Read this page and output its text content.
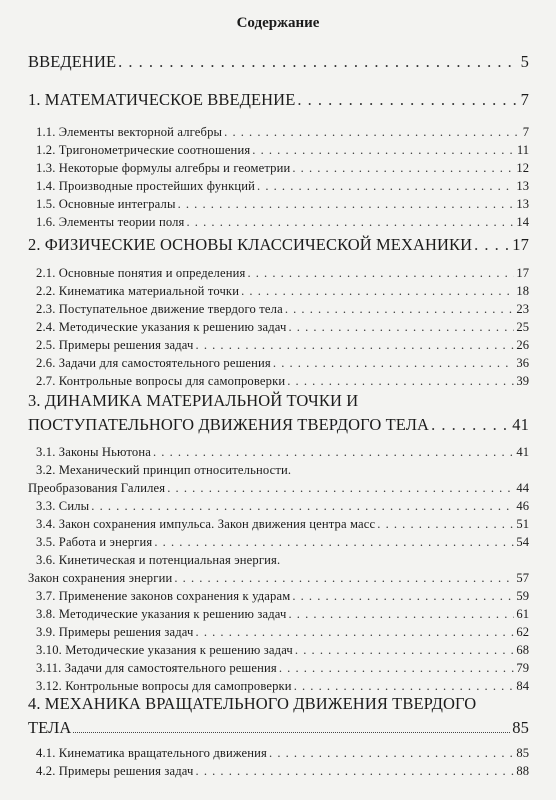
Содержание
ВВЕДЕНИЕ . . .	5
1. МАТЕМАТИЧЕСКОЕ ВВЕДЕНИЕ . . .	7
1.1. Элементы векторной алгебры . . .	7
1.2. Тригонометрические соотношения . . .	11
1.3. Некоторые формулы алгебры и геометрии . . .	12
1.4. Производные простейших функций . . .	13
1.5. Основные интегралы . . .	13
1.6. Элементы теории поля . . .	14
2. ФИЗИЧЕСКИЕ ОСНОВЫ КЛАССИЧЕСКОЙ МЕХАНИКИ . . . 17
2.1. Основные понятия и определения . . .	17
2.2. Кинематика материальной точки . . .	18
2.3. Поступательное движение твердого тела . . .	23
2.4. Методические указания к решению задач . . .	25
2.5. Примеры решения задач . . .	26
2.6. Задачи для самостоятельного решения . . .	36
2.7. Контрольные вопросы для самопроверки . . .	39
3. ДИНАМИКА МАТЕРИАЛЬНОЙ ТОЧКИ И
ПОСТУПАТЕЛЬНОГО ДВИЖЕНИЯ ТВЕРДОГО ТЕЛА . . .	41
3.1. Законы Ньютона . . .	41
3.2. Механический принцип относительности.
Преобразования Галилея . . .	44
3.3. Силы . . .	46
3.4. Закон сохранения импульса. Закон движения центра масс . . .	51
3.5. Работа и энергия . . .	54
3.6. Кинетическая и потенциальная энергия.
Закон сохранения энергии . . .	57
3.7. Применение законов сохранения к ударам . . .	59
3.8. Методические указания к решению задач . . .	61
3.9. Примеры решения задач . . .	62
3.10. Методические указания к решению задач . . .	68
3.11. Задачи для самостоятельного решения . . .	79
3.12. Контрольные вопросы для самопроверки . . .	84
4. МЕХАНИКА ВРАЩАТЕЛЬНОГО ДВИЖЕНИЯ ТВЕРДОГО
ТЕЛА	85
4.1. Кинематика вращательного движения . . .	85
4.2. Примеры решения задач . . .	88
